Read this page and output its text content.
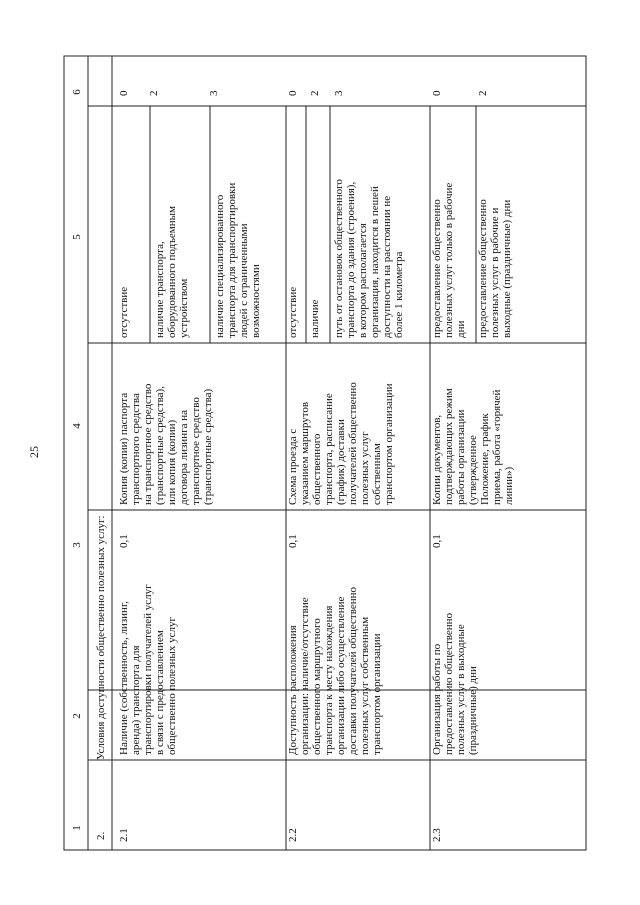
25
1
2
3
4
5
6
2.
Условия доступности общественно полезных услуг:
2.1
Наличие (собственность, лизинг, аренда) транспорта для транспортировки получателей услуг в связи с предоставлением общественно полезных услуг
0,1
Копия (копии) паспорта транспортного средства на транспортное средство (транспортные средства), или копия (копии) договора лизинга на транспортное средство (транспортные средства)
отсутствие
0
наличие транспорта, оборудованного подъемным устройством
2
наличие специализированного транспорта для транспортировки людей с ограниченными возможностями
3
2.2
Доступность расположения организации: наличие/отсутствие общественного маршрутного транспорта к месту нахождения организации либо осуществление доставки получателей общественно полезных услуг собственным транспортом организации
0,1
Схема проезда с указанием маршрутов общественного транспорта, расписание (график) доставки получателей общественно полезных услуг собственным транспортом организации
отсутствие
0
наличие
2
путь от остановок общественного транспорта до здания (строения), в котором располагается организация, находится в пешей доступности на расстоянии не более 1 километра
3
2.3
Организация работы по предоставлению общественно полезных услуг в выходные (праздничные) дни
0,1
Копии документов, подтверждающих режим работы организации (утвержденное Положение, график приема, работа «горячей линии»)
предоставление общественно полезных услуг только в рабочие дни
0
предоставление общественно полезных услуг в рабочие и выходные (праздничные) дни
2
